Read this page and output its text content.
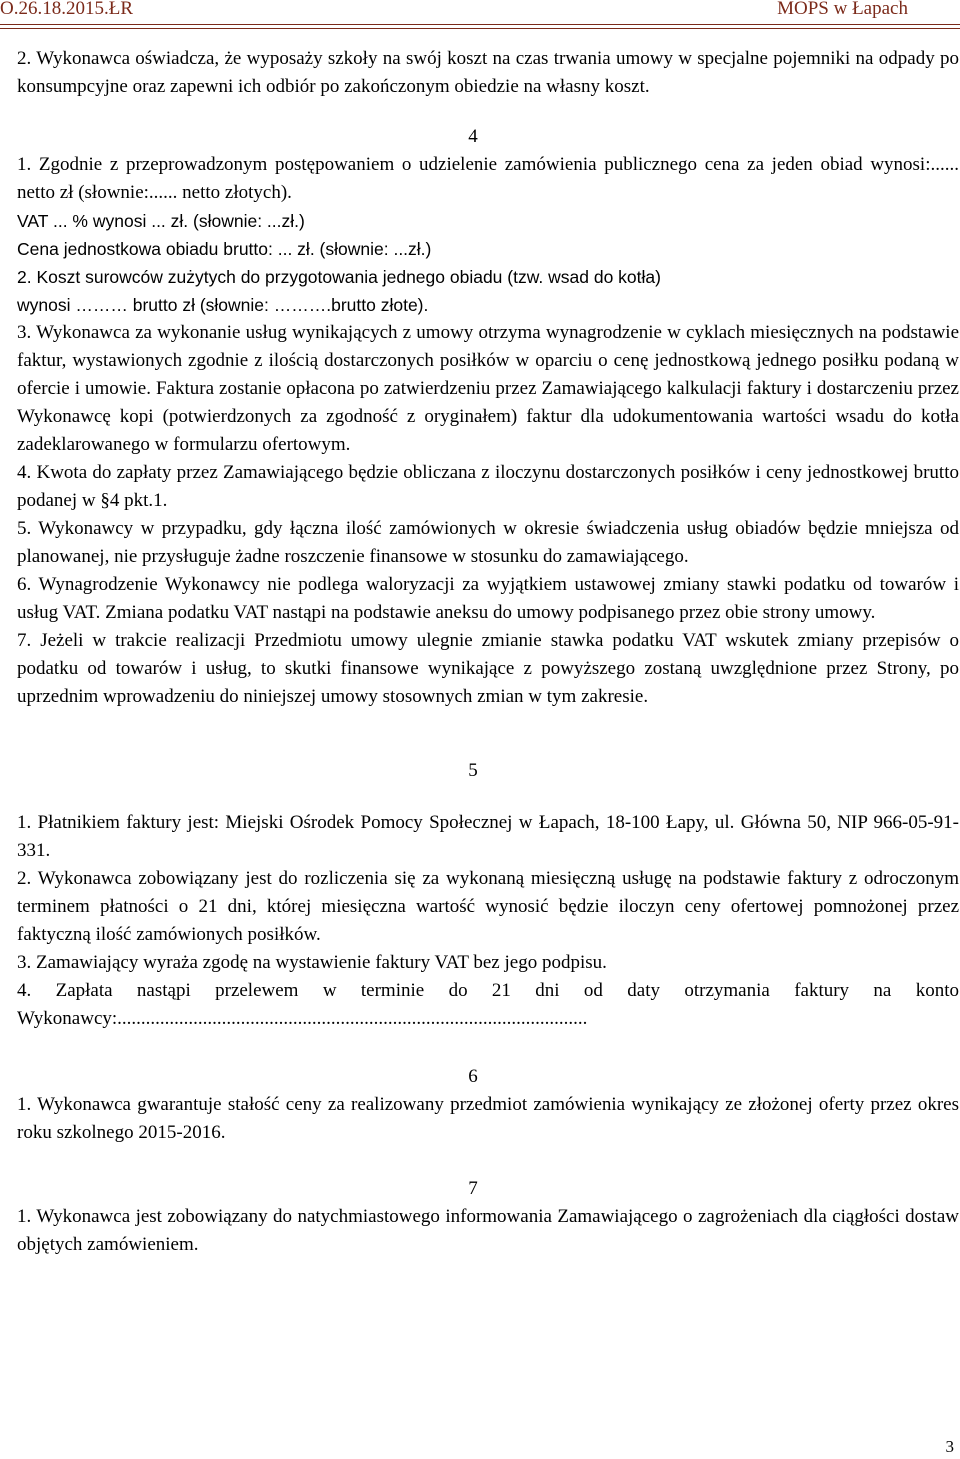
O.26.18.2015.ŁR	MOPS w Łapach

2. Wykonawca oświadcza, że wyposaży szkoły na swój koszt na czas trwania umowy w specjalne pojemniki na odpady po konsumpcyjne oraz zapewni ich odbiór po zakończonym obiedzie na własny koszt.

4

1. Zgodnie z przeprowadzonym postępowaniem o udzielenie zamówienia publicznego cena za jeden obiad wynosi:...... netto zł (słownie:...... netto złotych).

VAT ... % wynosi ... zł. (słownie: ...zł.)

Cena jednostkowa obiadu brutto: ... zł. (słownie: ...zł.)

2. Koszt surowców zużytych do przygotowania jednego obiadu (tzw. wsad do kotła)

wynosi ……… brutto zł (słownie: ……….brutto złote).

3. Wykonawca za wykonanie usług wynikających z umowy otrzyma wynagrodzenie w cyklach miesięcznych na podstawie faktur, wystawionych zgodnie z ilością dostarczonych posiłków w oparciu o cenę jednostkową jednego posiłku podaną w ofercie i umowie. Faktura zostanie opłacona po zatwierdzeniu przez Zamawiającego kalkulacji faktury i dostarczeniu przez Wykonawcę kopi (potwierdzonych za zgodność z oryginałem) faktur dla udokumentowania wartości wsadu do kotła zadeklarowanego w formularzu ofertowym.

4. Kwota do zapłaty przez Zamawiającego będzie obliczana z iloczynu dostarczonych posiłków i ceny jednostkowej brutto podanej w §4 pkt.1.

5. Wykonawcy w przypadku, gdy łączna ilość zamówionych w okresie świadczenia usług obiadów będzie mniejsza od planowanej, nie przysługuje żadne roszczenie finansowe w stosunku do zamawiającego.

6. Wynagrodzenie Wykonawcy nie podlega waloryzacji za wyjątkiem ustawowej zmiany stawki podatku od towarów i usług VAT. Zmiana podatku VAT nastąpi na podstawie aneksu do umowy podpisanego przez obie strony umowy.

7. Jeżeli w trakcie realizacji Przedmiotu umowy ulegnie zmianie stawka podatku VAT wskutek zmiany przepisów o podatku od towarów i usług, to skutki finansowe wynikające z powyższego zostaną uwzględnione przez Strony, po uprzednim wprowadzeniu do niniejszej umowy stosownych zmian w tym zakresie.

5

1. Płatnikiem faktury jest: Miejski Ośrodek Pomocy Społecznej w Łapach, 18-100 Łapy, ul. Główna 50, NIP 966-05-91-331.

2. Wykonawca zobowiązany jest do rozliczenia się za wykonaną miesięczną usługę na podstawie faktury z odroczonym terminem płatności o 21 dni, której miesięczna wartość wynosić będzie iloczyn ceny ofertowej pomnożonej przez faktyczną ilość zamówionych posiłków.

3. Zamawiający wyraża zgodę na wystawienie faktury VAT bez jego podpisu.

4. Zapłata nastąpi przelewem w terminie do 21 dni od daty otrzymania faktury na konto Wykonawcy:...................................................................................................

6

1. Wykonawca gwarantuje stałość ceny za realizowany przedmiot zamówienia wynikający ze złożonej oferty przez okres roku szkolnego 2015-2016.

7

1. Wykonawca jest zobowiązany do natychmiastowego informowania Zamawiającego o zagrożeniach dla ciągłości dostaw objętych zamówieniem.

3
